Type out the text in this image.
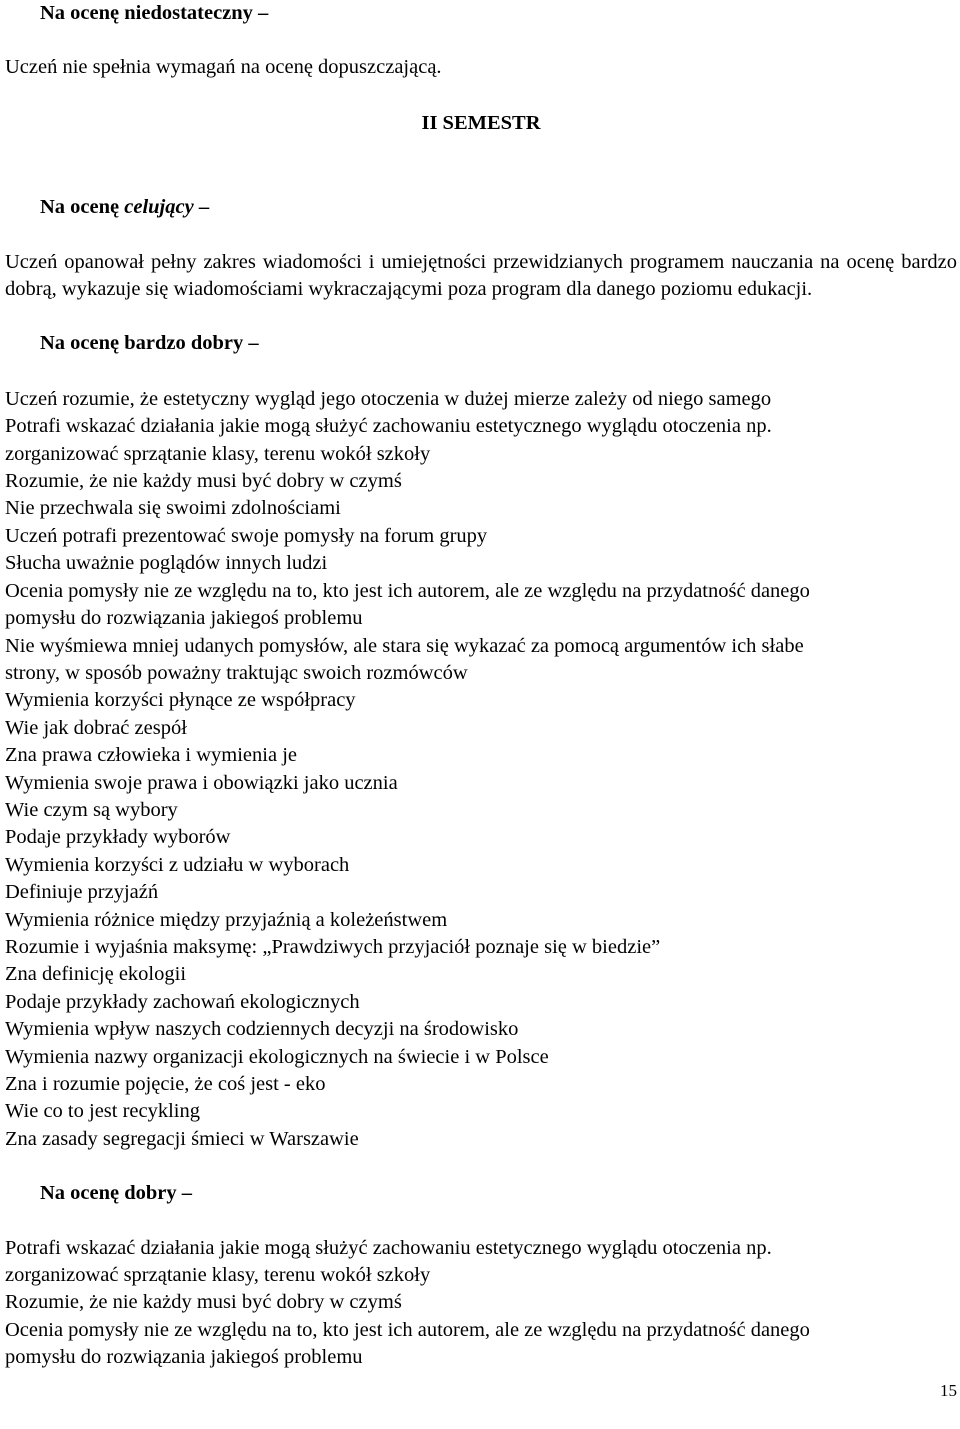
Na ocenę niedostateczny –
Uczeń nie spełnia wymagań na ocenę dopuszczającą.
II SEMESTR
Na ocenę celujący –
Uczeń opanował pełny zakres wiadomości i umiejętności przewidzianych programem nauczania na ocenę bardzo dobrą, wykazuje się wiadomościami wykraczającymi poza program dla danego poziomu edukacji.
Na ocenę bardzo dobry –
Uczeń rozumie, że estetyczny wygląd jego otoczenia w dużej mierze zależy od niego samego
Potrafi wskazać działania jakie mogą służyć zachowaniu estetycznego wyglądu otoczenia np.
zorganizować sprzątanie klasy, terenu wokół szkoły
Rozumie, że nie każdy musi być dobry w czymś
Nie przechwala się swoimi zdolnościami
Uczeń potrafi prezentować swoje pomysły na forum grupy
Słucha uważnie poglądów innych ludzi
Ocenia pomysły nie ze względu na to, kto jest ich autorem, ale ze względu na przydatność danego
pomysłu do rozwiązania jakiegoś problemu
Nie wyśmiewa mniej udanych pomysłów, ale stara się wykazać za pomocą argumentów ich słabe
strony, w sposób poważny traktując swoich rozmówców
Wymienia korzyści płynące ze współpracy
Wie jak dobrać zespół
Zna prawa człowieka i wymienia je
Wymienia swoje prawa i obowiązki jako ucznia
Wie czym są wybory
Podaje przykłady wyborów
Wymienia korzyści z udziału w wyborach
Definiuje przyjaźń
Wymienia różnice między przyjaźnią a koleżeństwem
Rozumie i wyjaśnia maksymę: „Prawdziwych przyjaciół poznaje się w biedzie”
Zna definicję ekologii
Podaje przykłady zachowań ekologicznych
Wymienia wpływ naszych codziennych decyzji na środowisko
Wymienia nazwy organizacji ekologicznych na świecie i w Polsce
Zna i rozumie pojęcie, że coś jest - eko
Wie co to jest recykling
Zna zasady segregacji śmieci w Warszawie
Na ocenę dobry –
Potrafi wskazać działania jakie mogą służyć zachowaniu estetycznego wyglądu otoczenia np.
zorganizować sprzątanie klasy, terenu wokół szkoły
Rozumie, że nie każdy musi być dobry w czymś
Ocenia pomysły nie ze względu na to, kto jest ich autorem, ale ze względu na przydatność danego
pomysłu do rozwiązania jakiegoś problemu
15
